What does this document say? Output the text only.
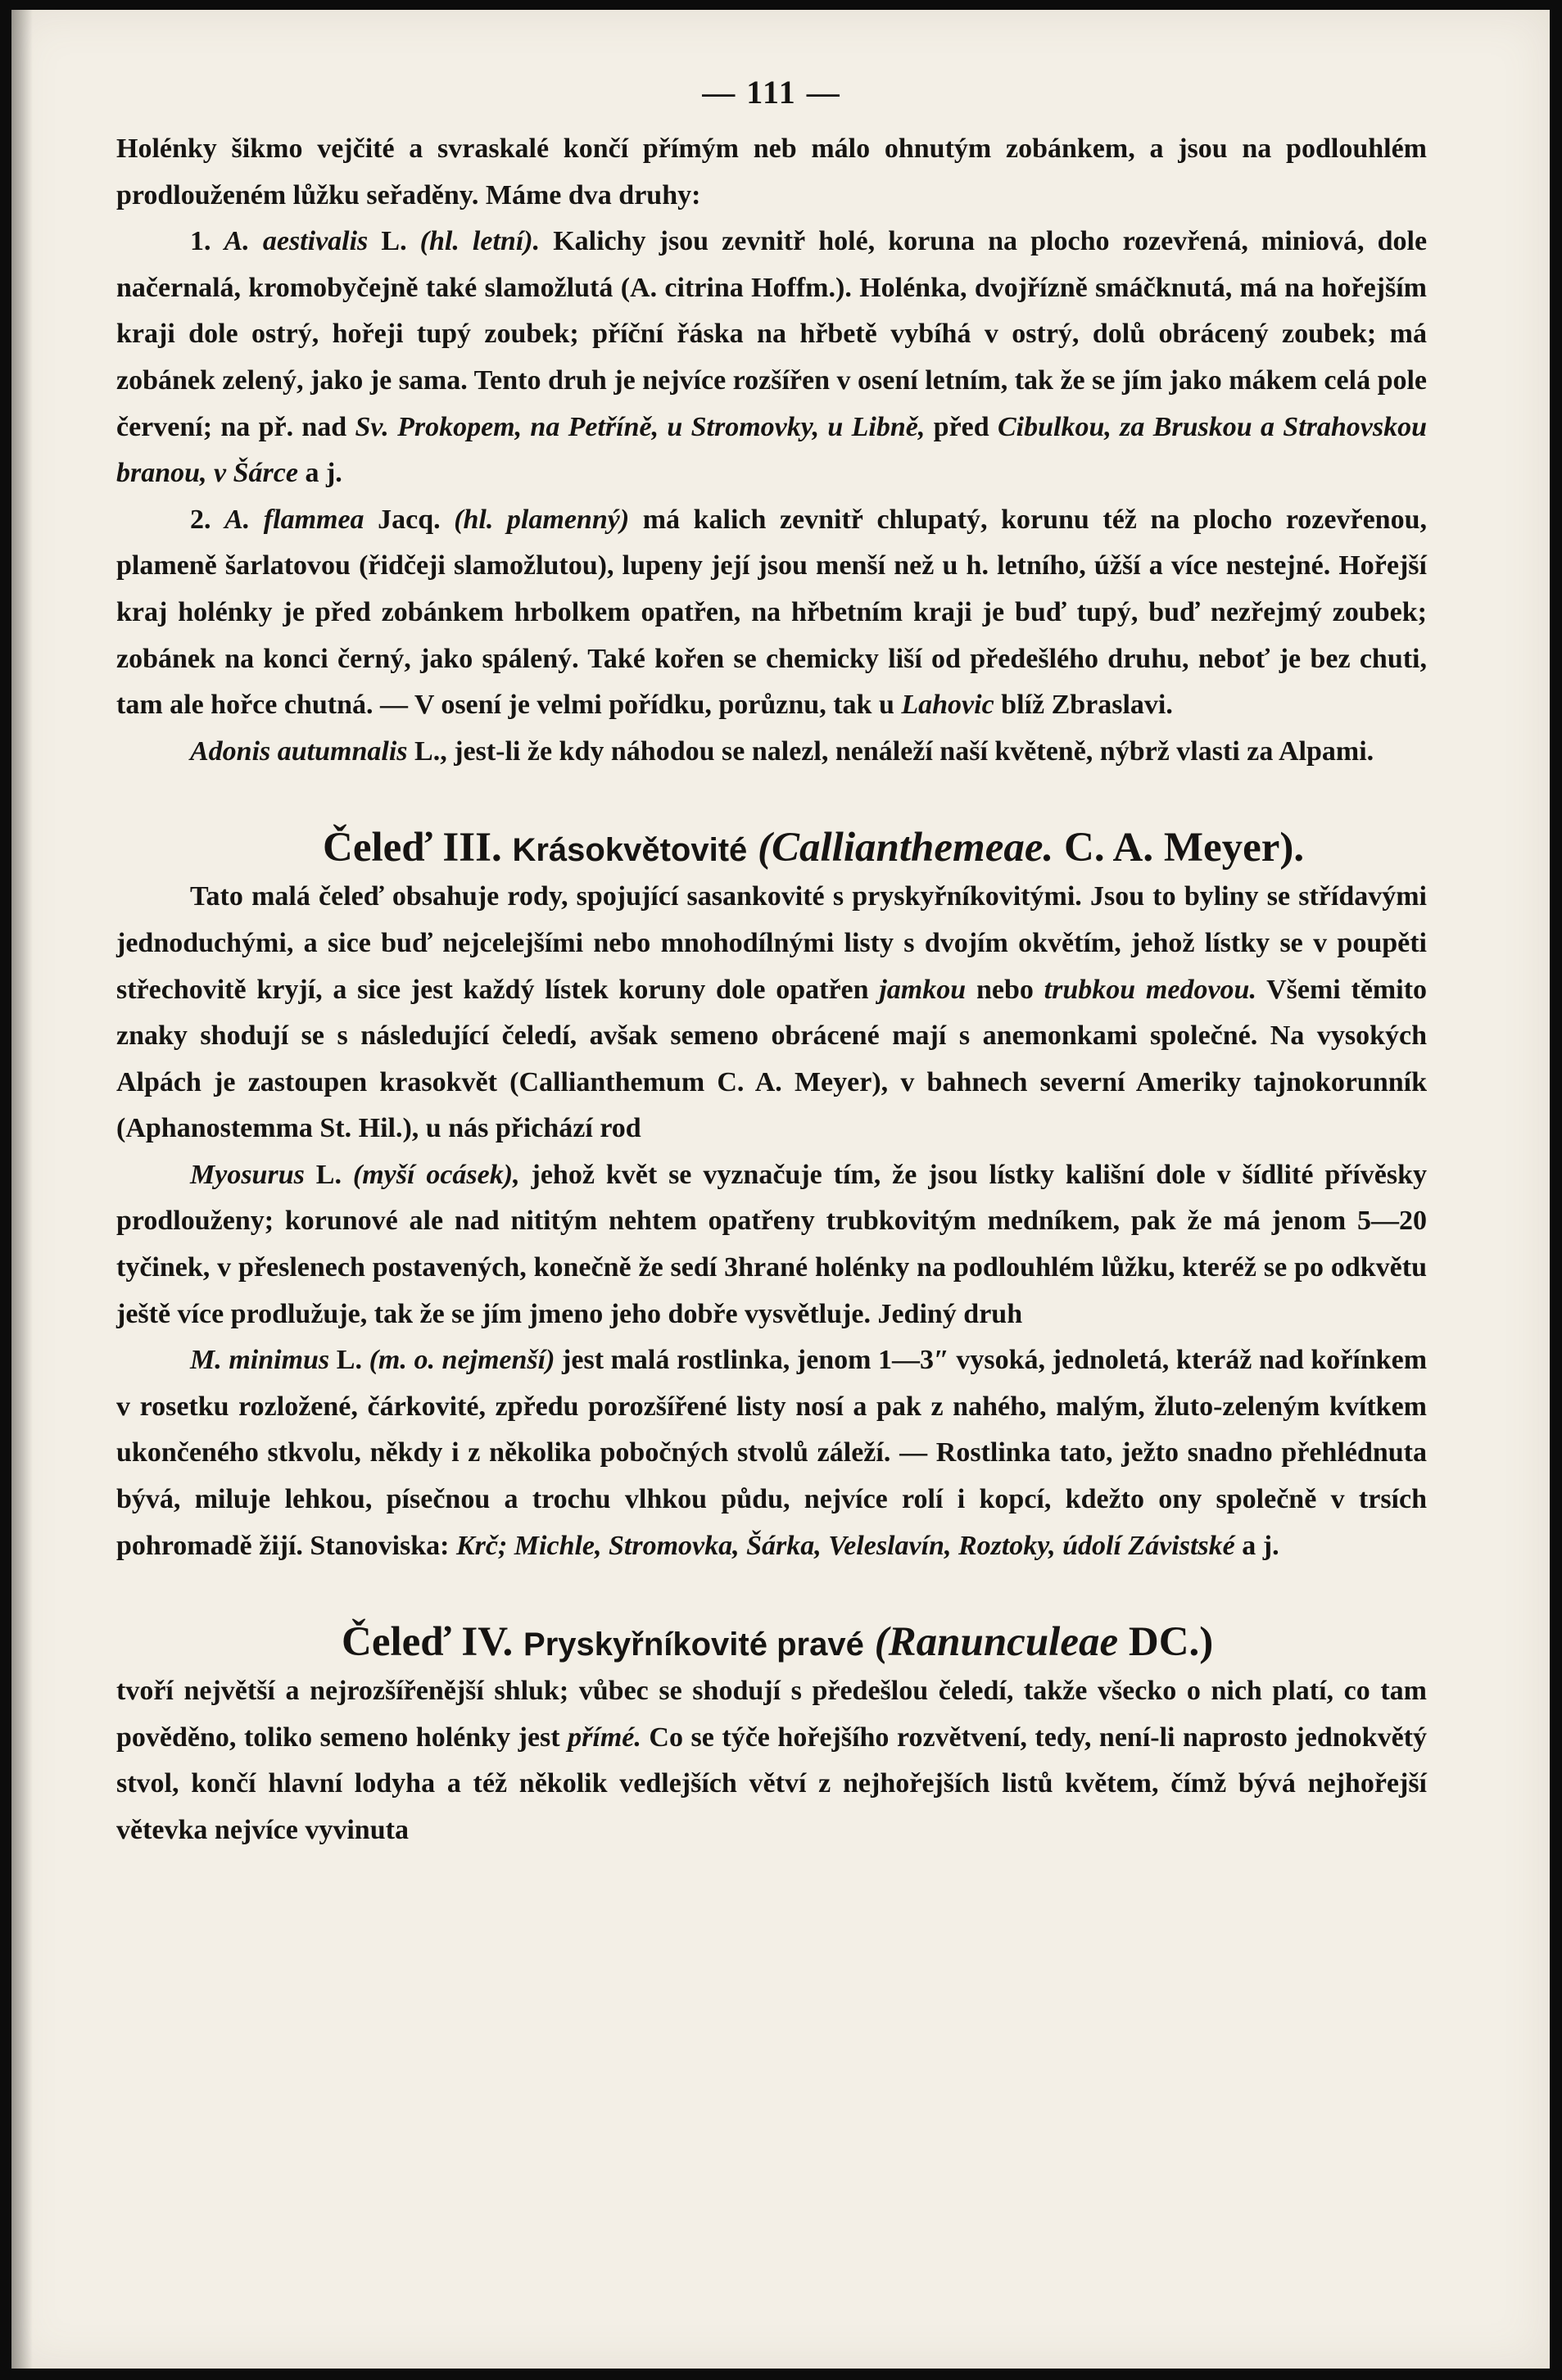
— 111 —

Holénky šikmo vejčité a svraskalé končí přímým neb málo ohnutým zobánkem, a jsou na podlouhlém prodlouženém lůžku seřaděny. Máme dva druhy:

1. A. aestivalis L. (hl. letní). Kalichy jsou zevnitř holé, koruna na plocho rozevřená, miniová, dole načernalá, kromobyčejně také slamožlutá (A. citrina Hoffm.). Holénka, dvojřízně smáčknutá, má na hořejším kraji dole ostrý, hořeji tupý zoubek; příční řáska na hřbetě vybíhá v ostrý, dolů obrácený zoubek; má zobánek zelený, jako je sama. Tento druh je nejvíce rozšířen v osení letním, tak že se jím jako mákem celá pole červení; na př. nad Sv. Prokopem, na Petříně, u Stromovky, u Libně, před Cibulkou, za Bruskou a Strahovskou branou, v Šárce a j.

2. A. flammea Jacq. (hl. plamenný) má kalich zevnitř chlupatý, korunu též na plocho rozevřenou, plameně šarlatovou (řidčeji slamožlutou), lupeny její jsou menší než u h. letního, úžší a více nestejné. Hořejší kraj holénky je před zobánkem hrbolkem opatřen, na hřbetním kraji je buď tupý, buď nezřejmý zoubek; zobánek na konci černý, jako spálený. Také kořen se chemicky liší od předešlého druhu, neboť je bez chuti, tam ale hořce chutná. — V osení je velmi pořídku, porůznu, tak u Lahovic blíž Zbraslavi.

Adonis autumnalis L., jest-li že kdy náhodou se nalezl, nenáleží naší květeně, nýbrž vlasti za Alpami.

Čeleď III. Krásokvětovité (Callianthemeae. C. A. Meyer).

Tato malá čeleď obsahuje rody, spojující sasankovité s pryskyřníkovitými. Jsou to byliny se střídavými jednoduchými, a sice buď nejcelejšími nebo mnohodílnými listy s dvojím okvětím, jehož lístky se v poupěti střechovitě kryjí, a sice jest každý lístek koruny dole opatřen jamkou nebo trubkou medovou. Všemi těmito znaky shodují se s následující čeledí, avšak semeno obrácené mají s anemonkami společné. Na vysokých Alpách je zastoupen krasokvět (Callianthemum C. A. Meyer), v bahnech severní Ameriky tajnokorunník (Aphanostemma St. Hil.), u nás přichází rod

Myosurus L. (myší ocásek), jehož květ se vyznačuje tím, že jsou lístky kališní dole v šídlité přívěsky prodlouženy; korunové ale nad nititým nehtem opatřeny trubkovitým medníkem, pak že má jenom 5—20 tyčinek, v přeslenech postavených, konečně že sedí 3hrané holénky na podlouhlém lůžku, kteréž se po odkvětu ještě více prodlužuje, tak že se jím jmeno jeho dobře vysvětluje. Jediný druh

M. minimus L. (m. o. nejmenší) jest malá rostlinka, jenom 1—3″ vysoká, jednoletá, kteráž nad kořínkem v rosetku rozložené, čárkovité, zpředu porozšířené listy nosí a pak z nahého, malým, žluto-zeleným kvítkem ukončeného stkvolu, někdy i z několika pobočných stvolů záleží. — Rostlinka tato, ježto snadno přehlédnuta bývá, miluje lehkou, písečnou a trochu vlhkou půdu, nejvíce rolí i kopcí, kdežto ony společně v trsích pohromadě žijí. Stanoviska: Krč; Michle, Stromovka, Šárka, Veleslavín, Roztoky, údolí Závistské a j.

Čeleď IV. Pryskyřníkovité pravé (Ranunculeae DC.)

tvoří největší a nejrozšířenější shluk; vůbec se shodují s předešlou čeledí, takže všecko o nich platí, co tam pověděno, toliko semeno holénky jest přímé. Co se týče hořejšího rozvětvení, tedy, není-li naprosto jednokvětý stvol, končí hlavní lodyha a též několik vedlejších větví z nejhořejších listů květem, čímž bývá nejhořejší větevka nejvíce vyvinuta
